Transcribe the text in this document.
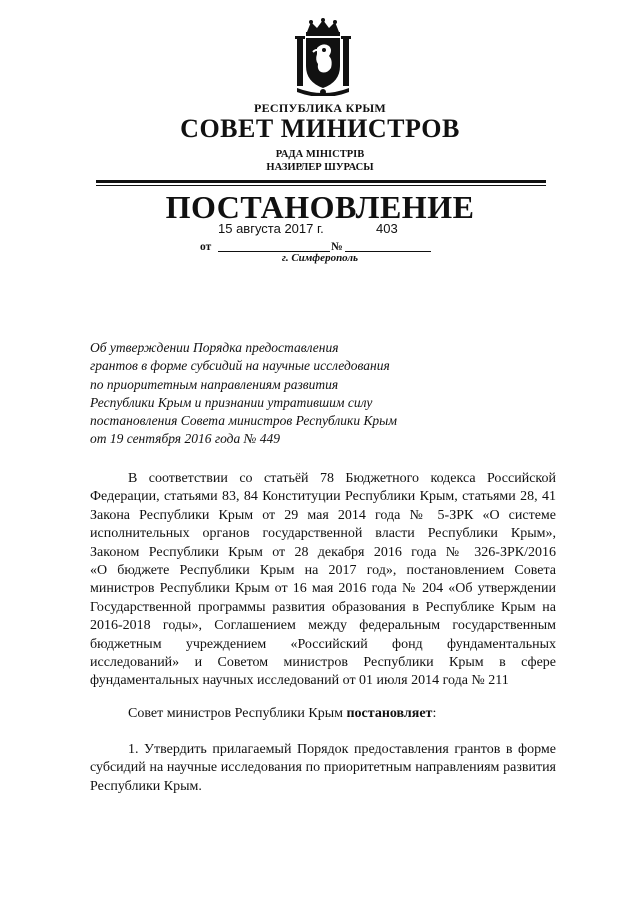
РЕСПУБЛИКА КРЫМ
СОВЕТ МИНИСТРОВ
РАДА МІНІСТРІВ
НАЗИРЛЕР ШУРАСЫ
ПОСТАНОВЛЕНИЕ
15 августа 2017 г.	403
от	№
г. Симферополь
Об утверждении Порядка предоставления
грантов в форме субсидий на научные исследования
по приоритетным направлениям развития
Республики Крым и признании утратившим силу
постановления Совета министров Республики Крым
от 19 сентября 2016 года № 449
В соответствии со статьёй 78 Бюджетного кодекса Российской
Федерации, статьями 83, 84 Конституции Республики Крым, статьями 28, 41
Закона Республики Крым от 29 мая 2014 года № 5-ЗРК «О системе
исполнительных органов государственной власти Республики Крым»,
Законом Республики Крым от 28 декабря 2016 года № 326-ЗРК/2016
«О бюджете Республики Крым на 2017 год», постановлением Совета
министров Республики Крым от 16 мая 2016 года № 204 «Об утверждении
Государственной программы развития образования в Республике Крым на
2016-2018 годы», Соглашением между федеральным государственным
бюджетным учреждением «Российский фонд фундаментальных
исследований» и Советом министров Республики Крым в сфере
фундаментальных научных исследований от 01 июля 2014 года № 211
Совет министров Республики Крым постановляет:
1. Утвердить прилагаемый Порядок предоставления грантов в форме
субсидий на научные исследования по приоритетным направлениям развития
Республики Крым.
